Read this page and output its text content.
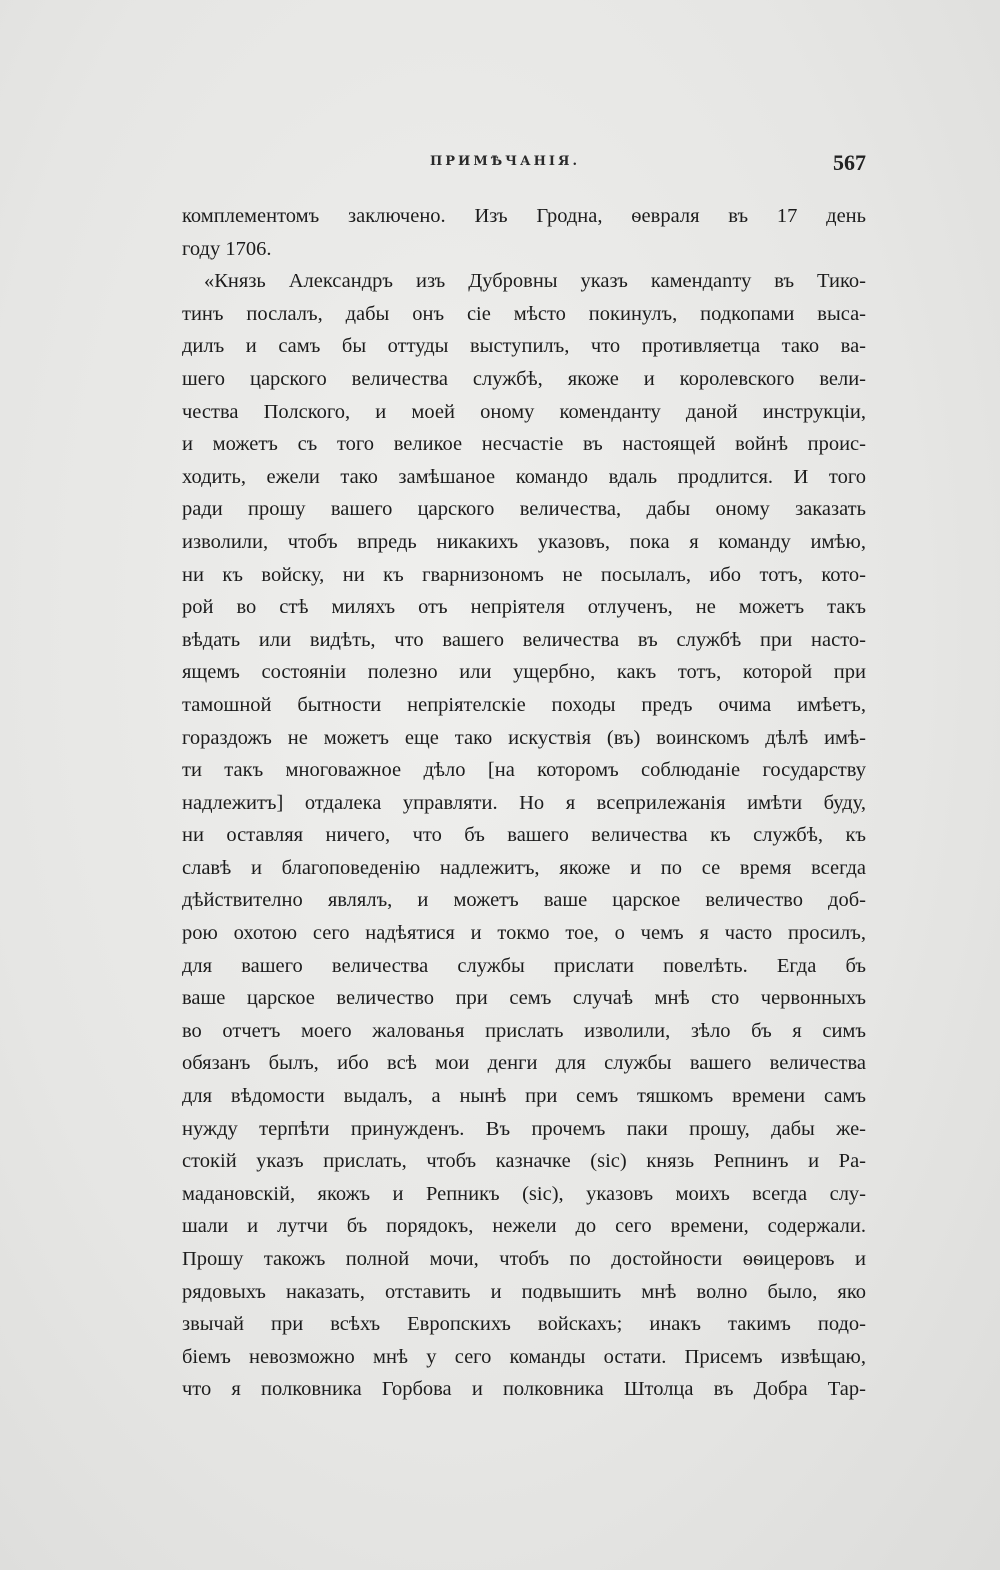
ПРИМѢЧАНІЯ.	567
комплементомъ заключено. Изъ Гродна, ѳевраля въ 17 день
году 1706.
«Князь Александръ изъ Дубровны указъ камендanту въ Тико-
тинъ послалъ, дабы онъ сіе мѣсто покинулъ, подкопами выса-
дилъ и самъ бы оттуды выступилъ, что противляетца тако ва-
шего царского величества службѣ, якоже и королевского вели-
чества Полского, и моей оному коменданту даной инструкціи,
и можетъ съ того великое несчастіе въ настоящей войнѣ проис-
ходить, ежели тако замѣшаное командо вдаль продлится. И того
ради прошу вашего царского величества, дабы оному заказать
изволили, чтобъ впредь никакихъ указовъ, пока я команду имѣю,
ни къ войску, ни къ гварнизономъ не посылалъ, ибо тотъ, кото-
рой во стѣ миляхъ отъ непріятеля отлученъ, не можетъ такъ
вѣдать или видѣть, что вашего величества въ службѣ при насто-
ящемъ состояніи полезно или ущербно, какъ тотъ, которой при
тамошной бытности непріятелскіе походы предъ очима имѣетъ,
гораздожъ не можетъ еще тако искуствія (въ) воинскомъ дѣлѣ имѣ-
ти такъ многоважное дѣло [на которомъ соблюданіе государству
надлежитъ] отдалека управляти. Но я всеприлежанія имѣти буду,
ни оставляя ничего, что бъ вашего величества къ службѣ, къ
славѣ и благоповеденію надлежитъ, якоже и по се время всегда
дѣйствително являлъ, и можетъ ваше царское величество доб-
рою охотою сего надѣятися и токмо тое, о чемъ я часто просилъ,
для вашего величества службы прислати повелѣть. Егда бъ
ваше царское величество при семъ случаѣ мнѣ сто червонныхъ
во отчетъ моего жалованья прислать изволили, зѣло бъ я симъ
обязанъ былъ, ибо всѣ мои денги для службы вашего величества
для вѣдомости выдалъ, а нынѣ при семъ тяшкомъ времени самъ
нужду терпѣти принужденъ. Въ прочемъ паки прошу, дабы же-
стокій указъ прислать, чтобъ казначке (sic) князь Репнинъ и Ра-
мадановскій, якожъ и Репникъ (sic), указовъ моихъ всегда слу-
шали и лутчи бъ порядокъ, нежели до сего времени, содержали.
Прошу такожъ полной мочи, чтобъ по достойности ѳѳицеровъ и
рядовыхъ наказать, отставить и подвышить мнѣ волно было, яко
звычай при всѣхъ Европскихъ войскахъ; инакъ такимъ подо-
біемъ невозможно мнѣ у сего команды остати. Присемъ извѣщаю,
что я полковника Горбова и полковника Штолца въ Добра Тар-
